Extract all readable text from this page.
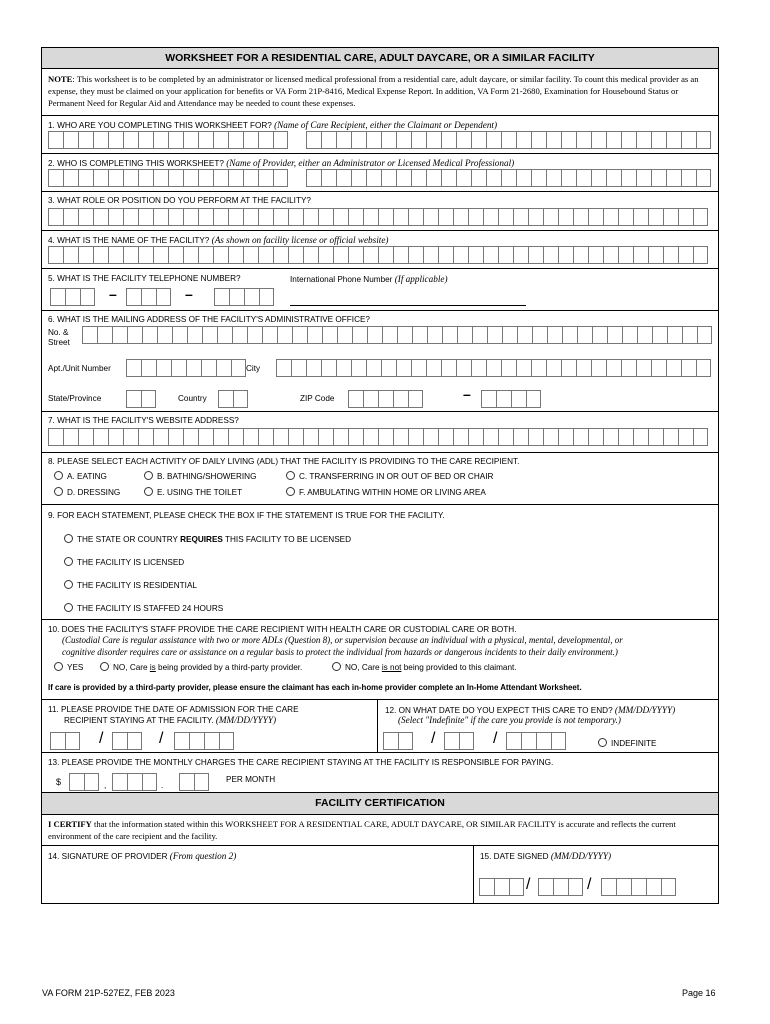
WORKSHEET FOR A RESIDENTIAL CARE, ADULT DAYCARE, OR A SIMILAR FACILITY
NOTE: This worksheet is to be completed by an administrator or licensed medical professional from a residential care, adult daycare, or similar facility. To count this medical provider as an expense, they must be claimed on your application for benefits or VA Form 21P-8416, Medical Expense Report. In addition, VA Form 21-2680, Examination for Housebound Status or Permanent Need for Regular Aid and Attendance may be needed to count these expenses.
1. WHO ARE YOU COMPLETING THIS WORKSHEET FOR? (Name of Care Recipient, either the Claimant or Dependent)
2. WHO IS COMPLETING THIS WORKSHEET? (Name of Provider, either an Administrator or Licensed Medical Professional)
3. WHAT ROLE OR POSITION DO YOU PERFORM AT THE FACILITY?
4. WHAT IS THE NAME OF THE FACILITY? (As shown on facility license or official website)
5. WHAT IS THE FACILITY TELEPHONE NUMBER?	International Phone Number (If applicable)
–	–
6. WHAT IS THE MAILING ADDRESS OF THE FACILITY'S ADMINISTRATIVE OFFICE?
No. &
Street
Apt./Unit Number	City
State/Province	Country	ZIP Code	–
7. WHAT IS THE FACILITY'S WEBSITE ADDRESS?
8. PLEASE SELECT EACH ACTIVITY OF DAILY LIVING (ADL) THAT THE FACILITY IS PROVIDING TO THE CARE RECIPIENT.
A. EATING	B. BATHING/SHOWERING	C. TRANSFERRING IN OR OUT OF BED OR CHAIR
D. DRESSING	E. USING THE TOILET	F. AMBULATING WITHIN HOME OR LIVING AREA
9. FOR EACH STATEMENT, PLEASE CHECK THE BOX IF THE STATEMENT IS TRUE FOR THE FACILITY.
THE STATE OR COUNTRY REQUIRES THIS FACILITY TO BE LICENSED
THE FACILITY IS LICENSED
THE FACILITY IS RESIDENTIAL
THE FACILITY IS STAFFED 24 HOURS
10. DOES THE FACILITY'S STAFF PROVIDE THE CARE RECIPIENT WITH HEALTH CARE OR CUSTODIAL CARE OR BOTH.
(Custodial Care is regular assistance with two or more ADLs (Question 8), or supervision because an individual with a physical, mental, developmental, or
cognitive disorder requires care or assistance on a regular basis to protect the individual from hazards or dangerous incidents to their daily environment.)
YES	NO, Care is being provided by a third-party provider.	NO, Care is not being provided to this claimant.
If care is provided by a third-party provider, please ensure the claimant has each in-home provider complete an In-Home Attendant Worksheet.
11. PLEASE PROVIDE THE DATE OF ADMISSION FOR THE CARE
RECIPIENT STAYING AT THE FACILITY. (MM/DD/YYYY)
/	/
12. ON WHAT DATE DO YOU EXPECT THIS CARE TO END? (MM/DD/YYYY)
(Select "Indefinite" if the care you provide is not temporary.)
/	/	INDEFINITE
13. PLEASE PROVIDE THE MONTHLY CHARGES THE CARE RECIPIENT STAYING AT THE FACILITY IS RESPONSIBLE FOR PAYING.
$	,	.
PER MONTH
FACILITY CERTIFICATION
I CERTIFY that the information stated within this WORKSHEET FOR A RESIDENTIAL CARE, ADULT DAYCARE, OR SIMILAR FACILITY is accurate and reflects the current environment of the care recipient and the facility.
14. SIGNATURE OF PROVIDER (From question 2)	15. DATE SIGNED (MM/DD/YYYY)
/	/
VA FORM 21P-527EZ, FEB 2023	Page 16
